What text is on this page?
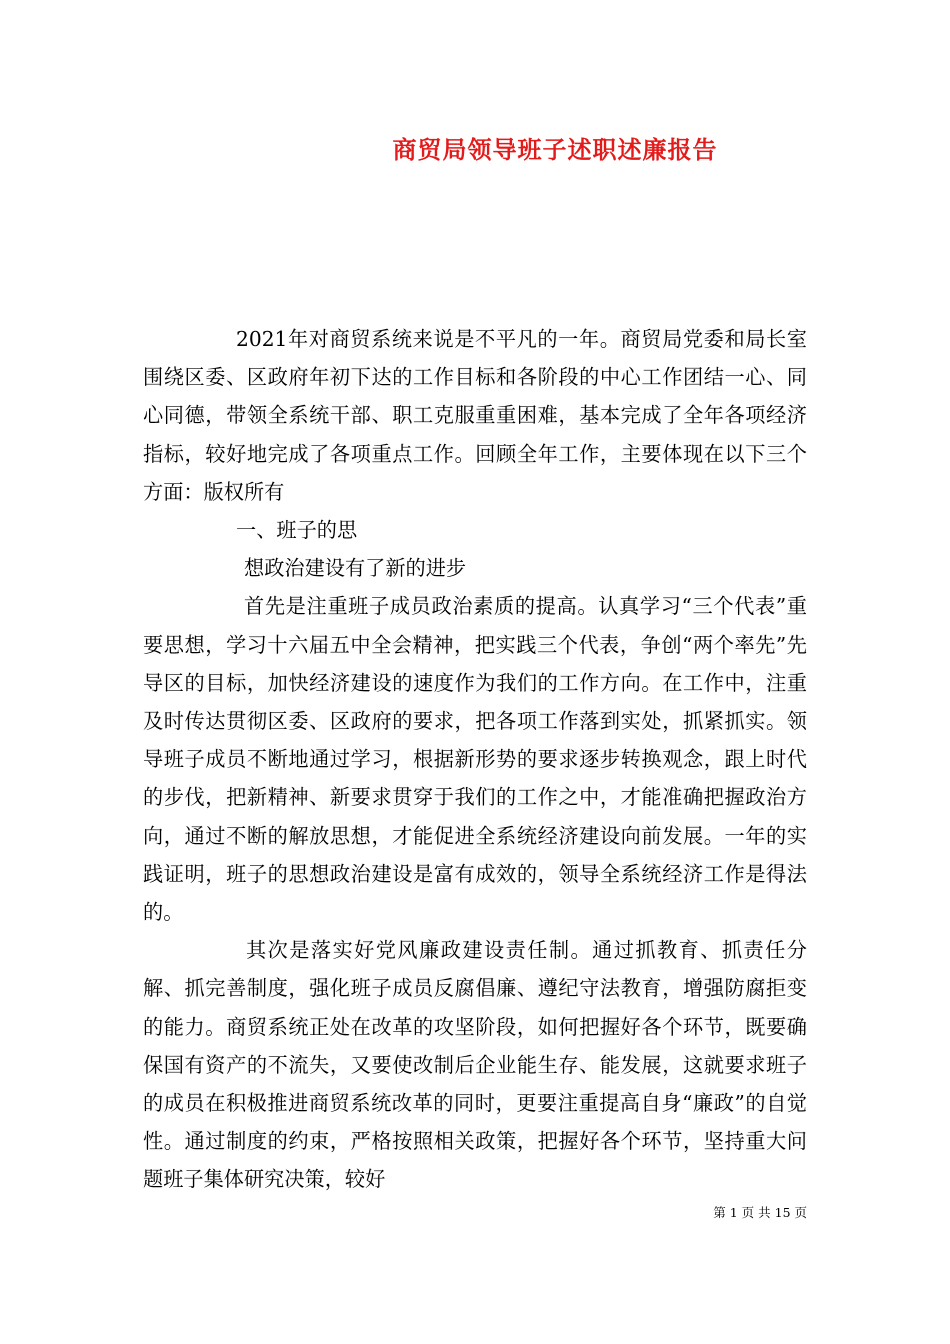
商贸局领导班子述职述廉报告

2021年对商贸系统来说是不平凡的一年。商贸局党委和局长室围绕区委、区政府年初下达的工作目标和各阶段的中心工作团结一心、同心同德，带领全系统干部、职工克服重重困难，基本完成了全年各项经济指标，较好地完成了各项重点工作。回顾全年工作，主要体现在以下三个方面：版权所有

一、班子的思

想政治建设有了新的进步

首先是注重班子成员政治素质的提高。认真学习“三个代表”重要思想，学习十六届五中全会精神，把实践三个代表，争创“两个率先”先导区的目标，加快经济建设的速度作为我们的工作方向。在工作中，注重及时传达贯彻区委、区政府的要求，把各项工作落到实处，抓紧抓实。领导班子成员不断地通过学习，根据新形势的要求逐步转换观念，跟上时代的步伐，把新精神、新要求贯穿于我们的工作之中，才能准确把握政治方向，通过不断的解放思想，才能促进全系统经济建设向前发展。一年的实践证明，班子的思想政治建设是富有成效的，领导全系统经济工作是得法的。

其次是落实好党风廉政建设责任制。通过抓教育、抓责任分解、抓完善制度，强化班子成员反腐倡廉、遵纪守法教育，增强防腐拒变的能力。商贸系统正处在改革的攻坚阶段，如何把握好各个环节，既要确保国有资产的不流失，又要使改制后企业能生存、能发展，这就要求班子的成员在积极推进商贸系统改革的同时，更要注重提高自身“廉政”的自觉性。通过制度的约束，严格按照相关政策，把握好各个环节，坚持重大问题班子集体研究决策，较好

第 1 页 共 15 页
